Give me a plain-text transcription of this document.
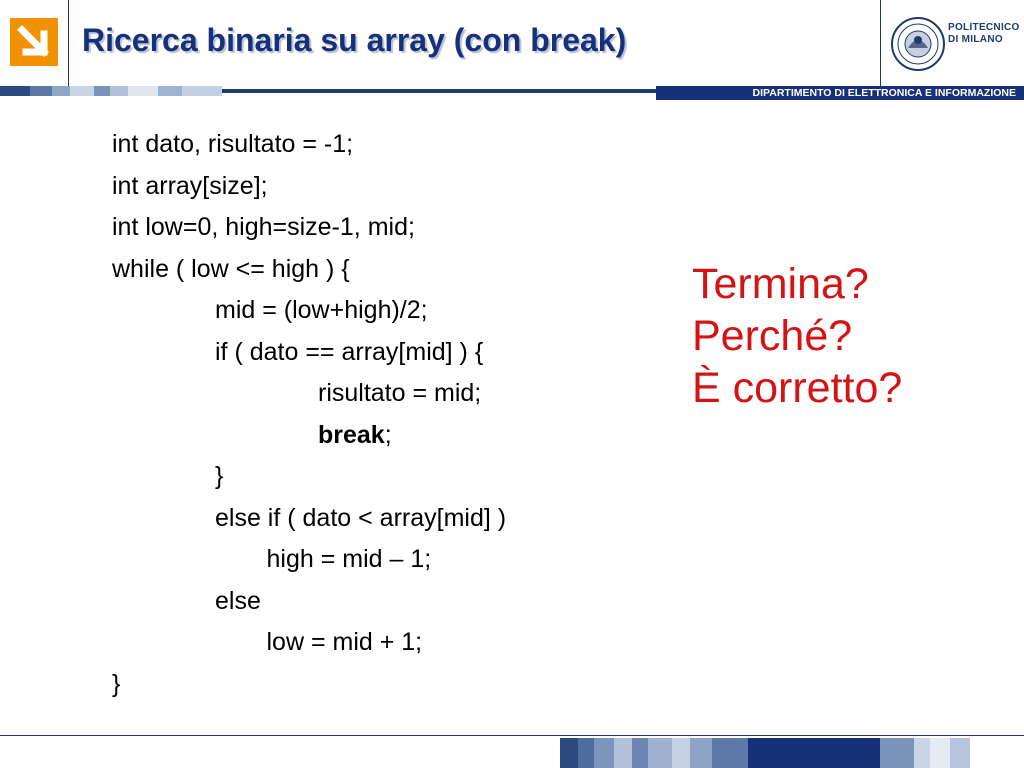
Ricerca binaria su array (con break)	POLITECNICO
DI MILANO
DIPARTIMENTO DI ELETTRONICA E INFORMAZIONE
int dato, risultato = -1;
int array[size];
int low=0, high=size-1, mid;
while ( low <= high ) {
mid = (low+high)/2;
if ( dato == array[mid] ) {
risultato = mid;
break;
}
else if ( dato < array[mid] )
high = mid – 1;
else
low = mid + 1;
}
Termina?
Perché?
È corretto?
